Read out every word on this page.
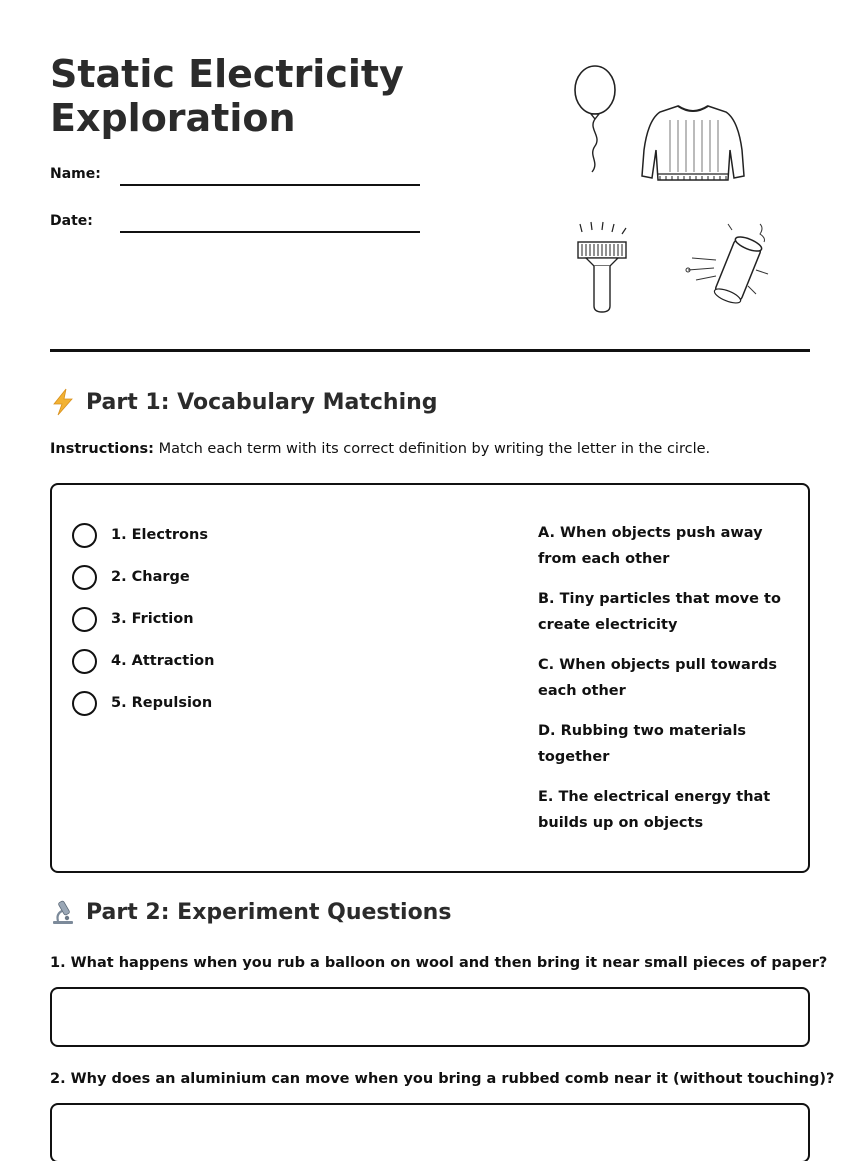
Static Electricity
Exploration
Name:
Date:
Part 1: Vocabulary Matching
Instructions: Match each term with its correct definition by writing the letter in the circle.
1. Electrons
2. Charge
3. Friction
4. Attraction
5. Repulsion
A. When objects push away from each other
B. Tiny particles that move to create electricity
C. When objects pull towards each other
D. Rubbing two materials together
E. The electrical energy that builds up on objects
Part 2: Experiment Questions
1. What happens when you rub a balloon on wool and then bring it near small pieces of paper?
2. Why does an aluminium can move when you bring a rubbed comb near it (without touching)?
